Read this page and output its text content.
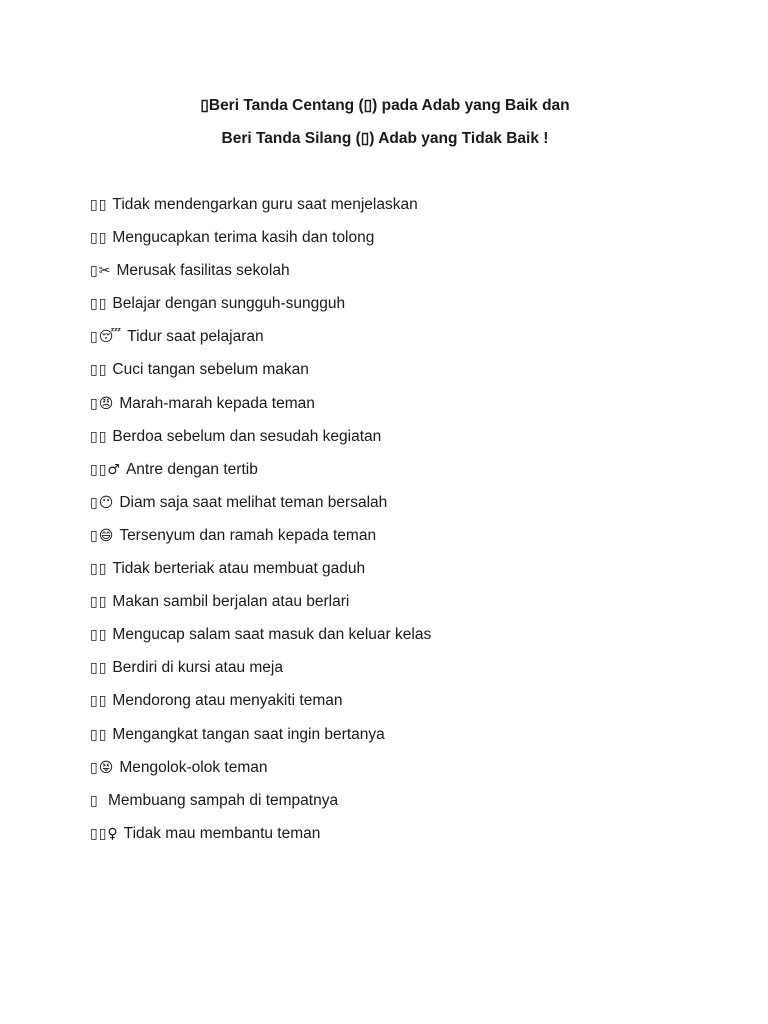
▯Beri Tanda Centang (▯) pada Adab yang Baik dan
Beri Tanda Silang (▯) Adab yang Tidak Baik !
▯▯ Tidak mendengarkan guru saat menjelaskan
▯▯ Mengucapkan terima kasih dan tolong
▯✂ Merusak fasilitas sekolah
▯▯ Belajar dengan sungguh-sungguh
▯😴 Tidur saat pelajaran
▯▯ Cuci tangan sebelum makan
▯😠 Marah-marah kepada teman
▯▯ Berdoa sebelum dan sesudah kegiatan
▯▯♂ Antre dengan tertib
▯😶 Diam saja saat melihat teman bersalah
▯😄 Tersenyum dan ramah kepada teman
▯▯ Tidak berteriak atau membuat gaduh
▯▯ Makan sambil berjalan atau berlari
▯▯ Mengucap salam saat masuk dan keluar kelas
▯▯ Berdiri di kursi atau meja
▯▯ Mendorong atau menyakiti teman
▯▯ Mengangkat tangan saat ingin bertanya
▯😝 Mengolok-olok teman
▯ Membuang sampah di tempatnya
▯▯♀ Tidak mau membantu teman
